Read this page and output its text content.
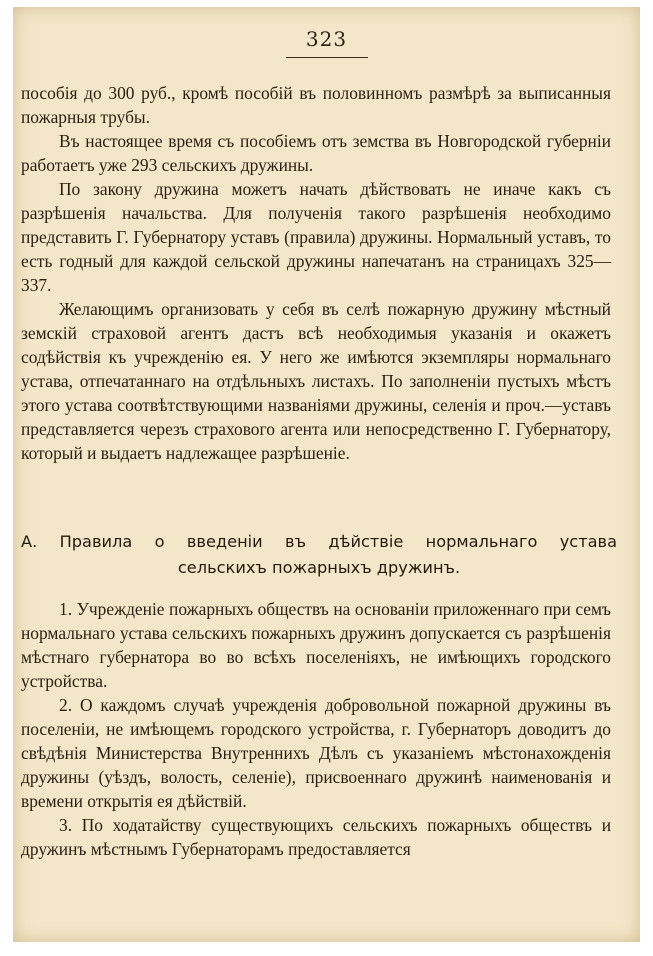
323

пособія до 300 руб., кромѣ пособій въ половинномъ размѣрѣ за выписанныя пожарныя трубы.

Въ настоящее время съ пособіемъ отъ земства въ Новгородской губерніи работаетъ уже 293 сельскихъ дружины.

По закону дружина можетъ начать дѣйствовать не иначе какъ съ разрѣшенія начальства. Для полученія такого разрѣшенія необходимо представить Г. Губернатору уставъ (правила) дружины. Нормальный уставъ, то есть годный для каждой сельской дружины напечатанъ на страницахъ 325—337.

Желающимъ организовать у себя въ селѣ пожарную дружину мѣстный земскій страховой агентъ дастъ всѣ необходимыя указанія и окажетъ содѣйствія къ учрежденію ея. У него же имѣются экземпляры нормальнаго устава, отпечатаннаго на отдѣльныхъ листахъ. По заполненіи пустыхъ мѣстъ этого устава соотвѣтствующими названіями дружины, селенія и проч.—уставъ представляется черезъ страхового агента или непосредственно Г. Губернатору, который и выдаетъ надлежащее разрѣшеніе.

А. Правила о введеніи въ дѣйствіе нормальнаго устава
сельскихъ пожарныхъ дружинъ.

1. Учрежденіе пожарныхъ обществъ на основаніи приложеннаго при семъ нормальнаго устава сельскихъ пожарныхъ дружинъ допускается съ разрѣшенія мѣстнаго губернатора во во всѣхъ поселеніяхъ, не имѣющихъ городского устройства.

2. О каждомъ случаѣ учрежденія добровольной пожарной дружины въ поселеніи, не имѣющемъ городского устройства, г. Губернаторъ доводитъ до свѣдѣнія Министерства Внутреннихъ Дѣлъ съ указаніемъ мѣстонахожденія дружины (уѣздъ, волость, селеніе), присвоеннаго дружинѣ наименованія и времени открытія ея дѣйствій.

3. По ходатайству существующихъ сельскихъ пожарныхъ обществъ и дружинъ мѣстнымъ Губернаторамъ предоставляется
